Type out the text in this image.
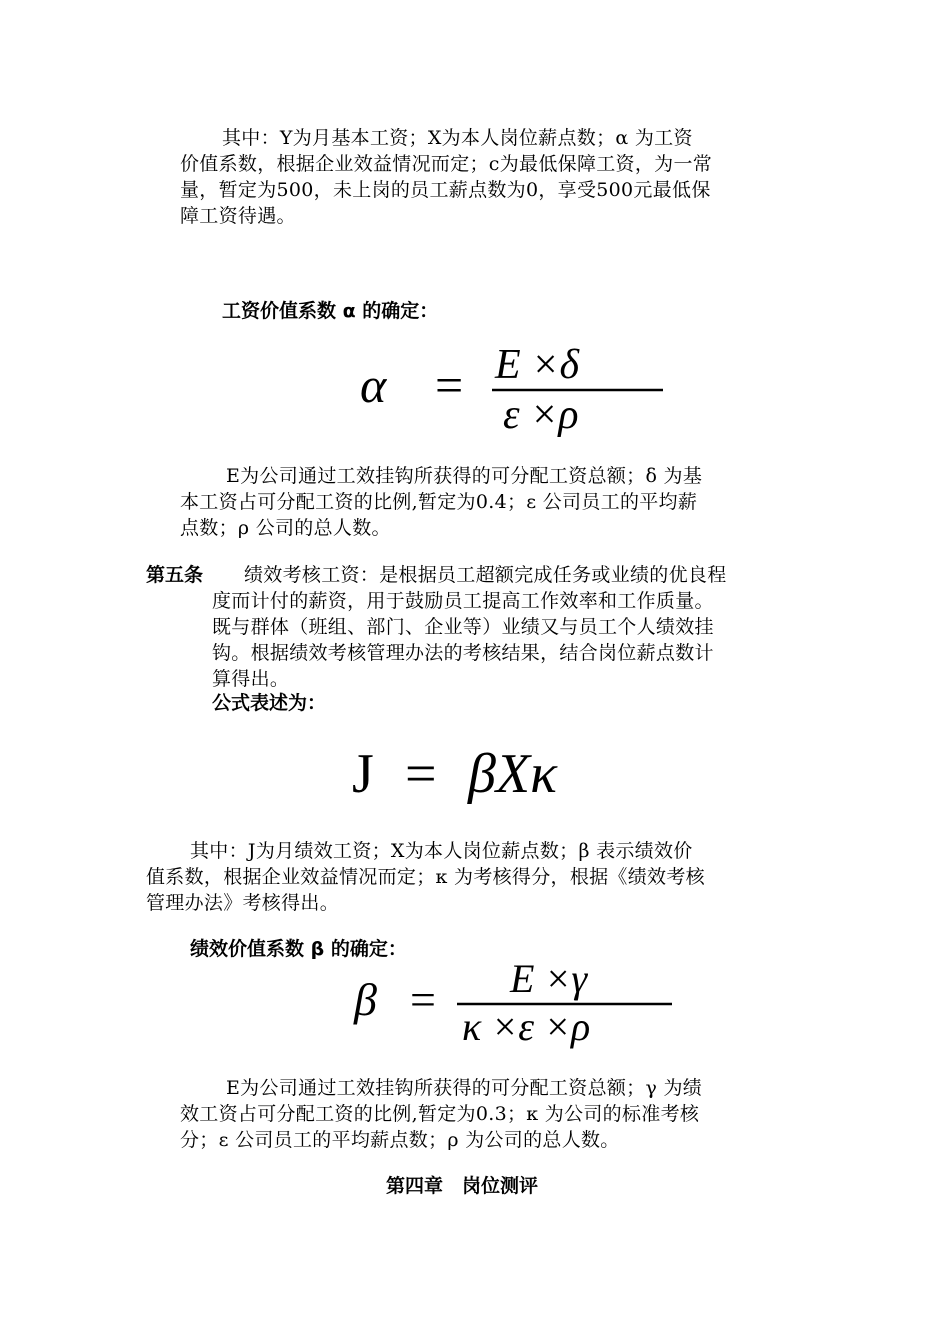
其中：Y为月基本工资；X为本人岗位薪点数；α 为工资
价值系数，根据企业效益情况而定；c为最低保障工资，为一常
量，暂定为500，未上岗的员工薪点数为0，享受500元最低保
障工资待遇。
工资价值系数 α 的确定：
α = E ×δ
ε ×ρ
E为公司通过工效挂钩所获得的可分配工资总额；δ 为基
本工资占可分配工资的比例,暂定为0.4；ε 公司员工的平均薪
点数；ρ 公司的总人数。
第五条	绩效考核工资：是根据员工超额完成任务或业绩的优良程
度而计付的薪资，用于鼓励员工提高工作效率和工作质量。
既与群体（班组、部门、企业等）业绩又与员工个人绩效挂
钩。根据绩效考核管理办法的考核结果，结合岗位薪点数计
算得出。
公式表述为：
J = βXκ
其中：J为月绩效工资；X为本人岗位薪点数；β 表示绩效价
值系数，根据企业效益情况而定；κ 为考核得分，根据《绩效考核
管理办法》考核得出。
绩效价值系数 β 的确定：
β = E ×γ
κ ×ε ×ρ
E为公司通过工效挂钩所获得的可分配工资总额；γ 为绩
效工资占可分配工资的比例,暂定为0.3；κ 为公司的标准考核
分；ε 公司员工的平均薪点数；ρ 为公司的总人数。
第四章　岗位测评
